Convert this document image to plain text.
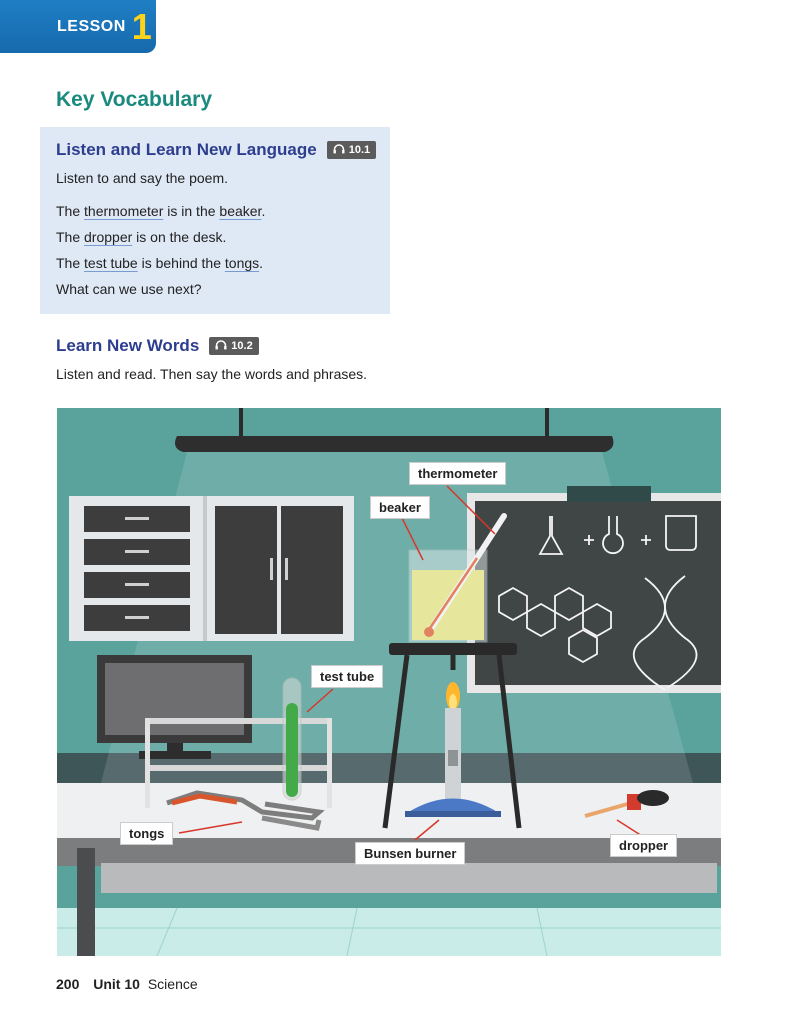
LESSON 1
Key Vocabulary
Listen and Learn New Language	10.1
Listen to and say the poem.
The thermometer is in the beaker.
The dropper is on the desk.
The test tube is behind the tongs.
What can we use next?
Learn New Words	10.2
Listen and read. Then say the words and phrases.
thermometer
beaker
test tube
tongs
Bunsen burner
dropper
200 Unit 10 Science
